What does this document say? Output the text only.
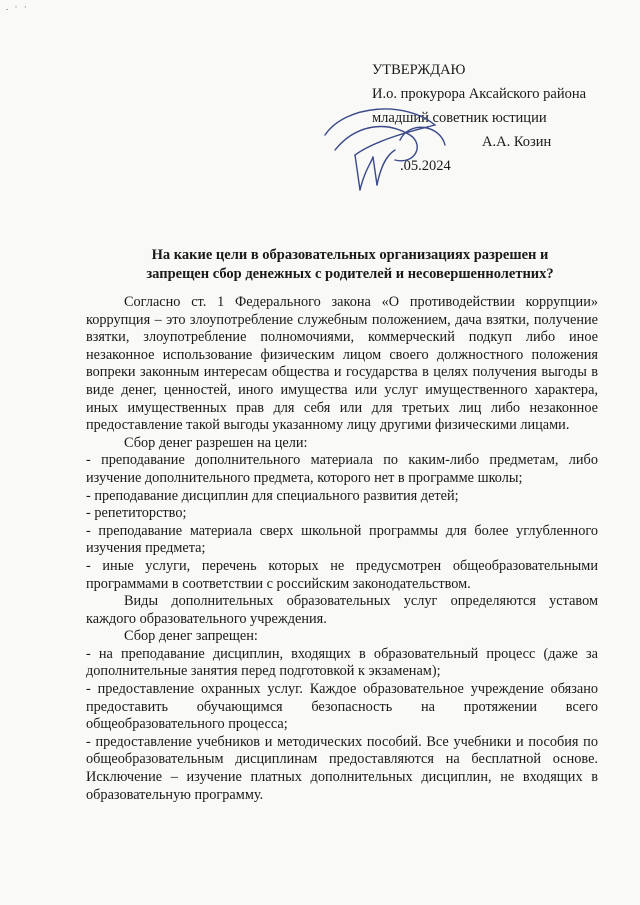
. · ·
УТВЕРЖДАЮ
И.о. прокурора Аксайского района
младший советник юстиции
А.А. Козин
.05.2024
На какие цели в образовательных организациях разрешен и
запрещен сбор денежных с родителей и несовершеннолетних?

Согласно ст. 1 Федерального закона «О противодействии коррупции» коррупция – это злоупотребление служебным положением, дача взятки, получение взятки, злоупотребление полномочиями, коммерческий подкуп либо иное незаконное использование физическим лицом своего должностного положения вопреки законным интересам общества и государства в целях получения выгоды в виде денег, ценностей, иного имущества или услуг имущественного характера, иных имущественных прав для себя или для третьих лиц либо незаконное предоставление такой выгоды указанному лицу другими физическими лицами.

Сбор денег разрешен на цели:

- преподавание дополнительного материала по каким-либо предметам, либо изучение дополнительного предмета, которого нет в программе школы;

- преподавание дисциплин для специального развития детей;

- репетиторство;

- преподавание материала сверх школьной программы для более углубленного изучения предмета;

- иные услуги, перечень которых не предусмотрен общеобразовательными программами в соответствии с российским законодательством.

Виды дополнительных образовательных услуг определяются уставом каждого образовательного учреждения.

Сбор денег запрещен:

- на преподавание дисциплин, входящих в образовательный процесс (даже за дополнительные занятия перед подготовкой к экзаменам);

- предоставление охранных услуг. Каждое образовательное учреждение обязано предоставить обучающимся безопасность на протяжении всего общеобразовательного процесса;

- предоставление учебников и методических пособий. Все учебники и пособия по общеобразовательным дисциплинам предоставляются на бесплатной основе. Исключение – изучение платных дополнительных дисциплин, не входящих в образовательную программу.
